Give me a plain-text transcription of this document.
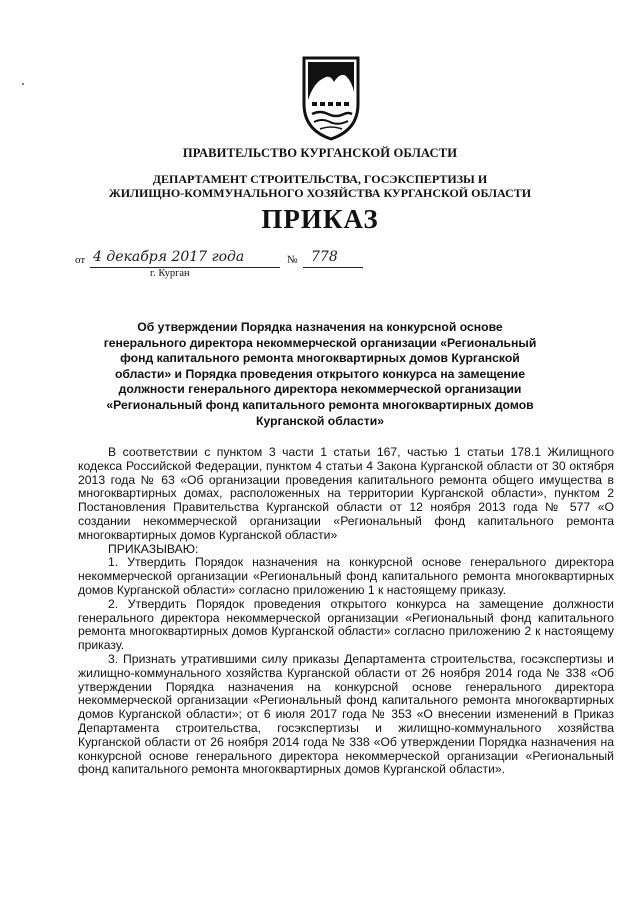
ПРАВИТЕЛЬСТВО КУРГАНСКОЙ ОБЛАСТИ
ДЕПАРТАМЕНТ СТРОИТЕЛЬСТВА, ГОСЭКСПЕРТИЗЫ И
ЖИЛИЩНО-КОММУНАЛЬНОГО ХОЗЯЙСТВА КУРГАНСКОЙ ОБЛАСТИ
ПРИКАЗ
от 4 декабря 2017 года	№ 778
г. Курган
Об утверждении Порядка назначения на конкурсной основе генерального директора некоммерческой организации «Региональный фонд капитального ремонта многоквартирных домов Курганской области» и Порядка проведения открытого конкурса на замещение должности генерального директора некоммерческой организации «Региональный фонд капитального ремонта многоквартирных домов Курганской области»

В соответствии с пунктом 3 части 1 статьи 167, частью 1 статьи 178.1 Жилищного кодекса Российской Федерации, пунктом 4 статьи 4 Закона Курганской области от 30 октября 2013 года № 63 «Об организации проведения капитального ремонта общего имущества в многоквартирных домах, расположенных на территории Курганской области», пунктом 2 Постановления Правительства Курганской области от 12 ноября 2013 года № 577 «О создании некоммерческой организации «Региональный фонд капитального ремонта многоквартирных домов Курганской области»

ПРИКАЗЫВАЮ:

1. Утвердить Порядок назначения на конкурсной основе генерального директора некоммерческой организации «Региональный фонд капитального ремонта многоквартирных домов Курганской области» согласно приложению 1 к настоящему приказу.

2. Утвердить Порядок проведения открытого конкурса на замещение должности генерального директора некоммерческой организации «Региональный фонд капитального ремонта многоквартирных домов Курганской области» согласно приложению 2 к настоящему приказу.

3. Признать утратившими силу приказы Департамента строительства, госэкспертизы и жилищно-коммунального хозяйства Курганской области от 26 ноября 2014 года № 338 «Об утверждении Порядка назначения на конкурсной основе генерального директора некоммерческой организации «Региональный фонд капитального ремонта многоквартирных домов Курганской области»; от 6 июля 2017 года № 353 «О внесении изменений в Приказ Департамента строительства, госэкспертизы и жилищно-коммунального хозяйства Курганской области от 26 ноября 2014 года № 338 «Об утверждении Порядка назначения на конкурсной основе генерального директора некоммерческой организации «Региональный фонд капитального ремонта многоквартирных домов Курганской области».
